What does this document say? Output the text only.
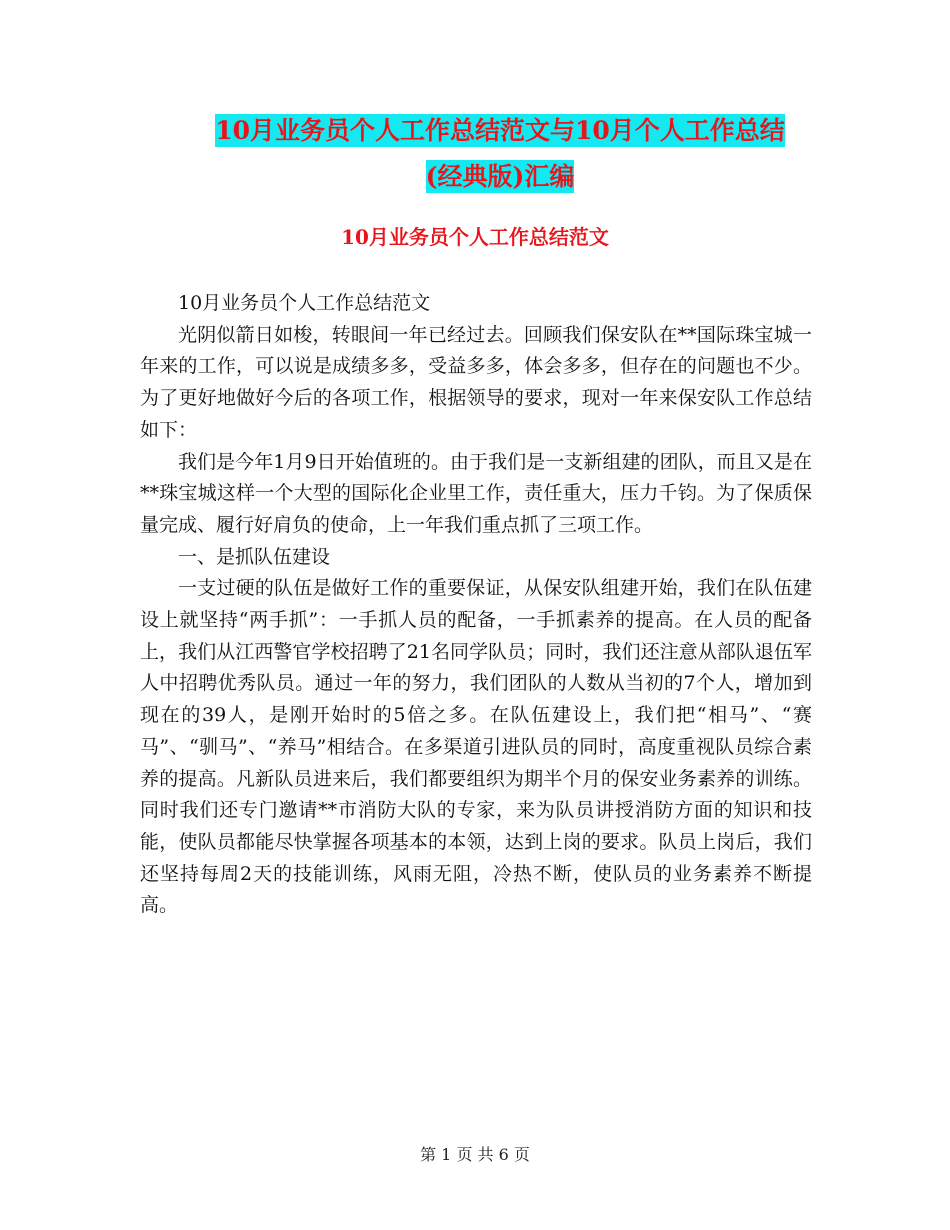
10月业务员个人工作总结范文与10月个人工作总结
(经典版)汇编
10月业务员个人工作总结范文

10月业务员个人工作总结范文

光阴似箭日如梭，转眼间一年已经过去。回顾我们保安队在**国际珠宝城一年来的工作，可以说是成绩多多，受益多多，体会多多，但存在的问题也不少。为了更好地做好今后的各项工作，根据领导的要求，现对一年来保安队工作总结如下：

我们是今年1月9日开始值班的。由于我们是一支新组建的团队，而且又是在**珠宝城这样一个大型的国际化企业里工作，责任重大，压力千钧。为了保质保量完成、履行好肩负的使命，上一年我们重点抓了三项工作。

一、是抓队伍建设

一支过硬的队伍是做好工作的重要保证，从保安队组建开始，我们在队伍建设上就坚持“两手抓”：一手抓人员的配备，一手抓素养的提高。在人员的配备上，我们从江西警官学校招聘了21名同学队员；同时，我们还注意从部队退伍军人中招聘优秀队员。通过一年的努力，我们团队的人数从当初的7个人，增加到现在的39人，是刚开始时的5倍之多。在队伍建设上，我们把“相马”、“赛马”、“驯马”、“养马”相结合。在多渠道引进队员的同时，高度重视队员综合素养的提高。凡新队员进来后，我们都要组织为期半个月的保安业务素养的训练。同时我们还专门邀请**市消防大队的专家，来为队员讲授消防方面的知识和技能，使队员都能尽快掌握各项基本的本领，达到上岗的要求。队员上岗后，我们还坚持每周2天的技能训练，风雨无阻，冷热不断，使队员的业务素养不断提高。

第 1 页 共 6 页
